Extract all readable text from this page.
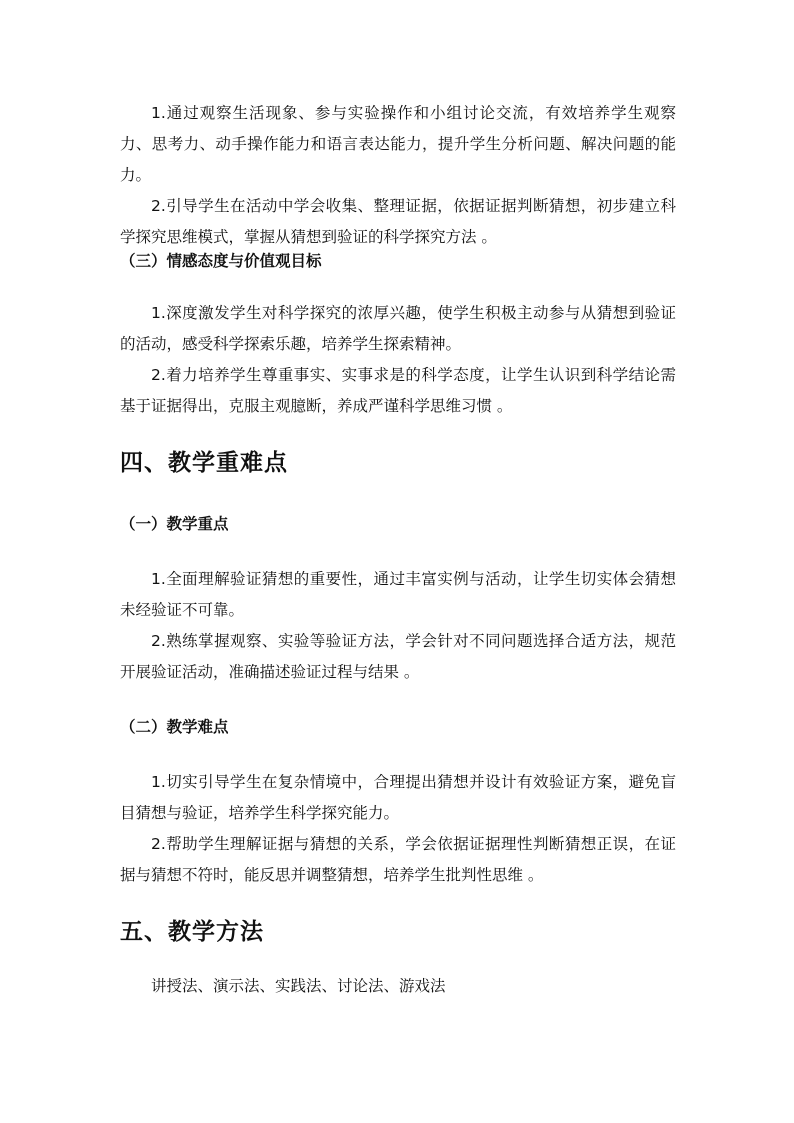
1.通过观察生活现象、参与实验操作和小组讨论交流，有效培养学生观察力、思考力、动手操作能力和语言表达能力，提升学生分析问题、解决问题的能力。

2.引导学生在活动中学会收集、整理证据，依据证据判断猜想，初步建立科学探究思维模式，掌握从猜想到验证的科学探究方法 。

（三）情感态度与价值观目标

1.深度激发学生对科学探究的浓厚兴趣，使学生积极主动参与从猜想到验证的活动，感受科学探索乐趣，培养学生探索精神。

2.着力培养学生尊重事实、实事求是的科学态度，让学生认识到科学结论需基于证据得出，克服主观臆断，养成严谨科学思维习惯 。

四、教学重难点

（一）教学重点

1.全面理解验证猜想的重要性，通过丰富实例与活动，让学生切实体会猜想未经验证不可靠。

2.熟练掌握观察、实验等验证方法，学会针对不同问题选择合适方法，规范开展验证活动，准确描述验证过程与结果 。

（二）教学难点

1.切实引导学生在复杂情境中，合理提出猜想并设计有效验证方案，避免盲目猜想与验证，培养学生科学探究能力。

2.帮助学生理解证据与猜想的关系，学会依据证据理性判断猜想正误，在证据与猜想不符时，能反思并调整猜想，培养学生批判性思维 。

五、教学方法

讲授法、演示法、实践法、讨论法、游戏法
